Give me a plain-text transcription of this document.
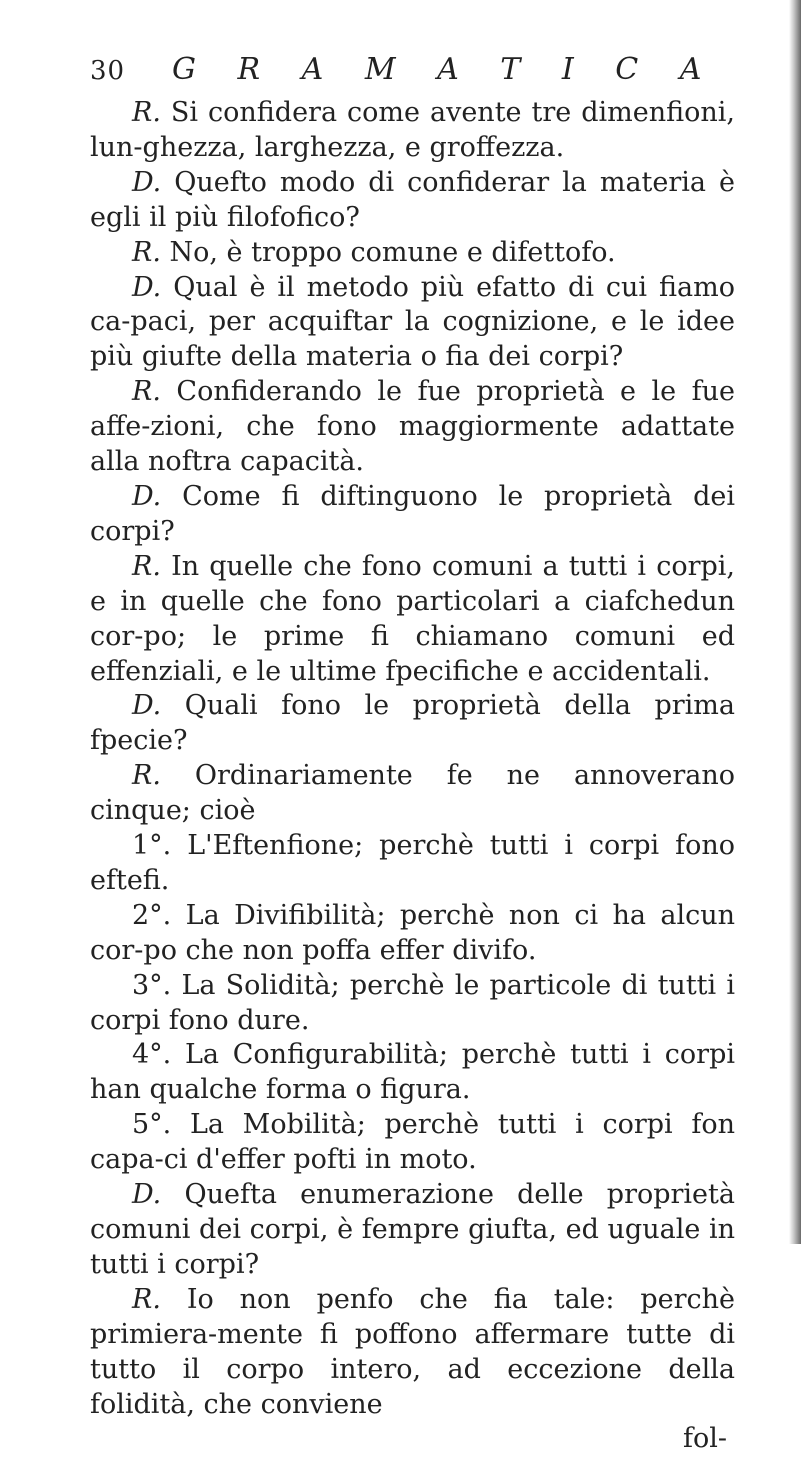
30	G R A M A T I C A

R. Si confidera come avente tre dimenfioni, lun-ghezza, larghezza, e groffezza.

D. Quefto modo di confiderar la materia è egli il più filofofico?

R. No, è troppo comune e difettofo.

D. Qual è il metodo più efatto di cui fiamo ca-paci, per acquiftar la cognizione, e le idee più giufte della materia o fia dei corpi?

R. Confiderando le fue proprietà e le fue affe-zioni, che fono maggiormente adattate alla noftra capacità.

D. Come fi diftinguono le proprietà dei corpi?

R. In quelle che fono comuni a tutti i corpi, e in quelle che fono particolari a ciafchedun cor-po; le prime fi chiamano comuni ed effenziali, e le ultime fpecifiche e accidentali.

D. Quali fono le proprietà della prima fpecie?

R. Ordinariamente fe ne annoverano cinque; cioè

1°. L'Eftenfione; perchè tutti i corpi fono eftefi.

2°. La Divifibilità; perchè non ci ha alcun cor-po che non poffa effer divifo.

3°. La Solidità; perchè le particole di tutti i corpi fono dure.

4°. La Configurabilità; perchè tutti i corpi han qualche forma o figura.

5°. La Mobilità; perchè tutti i corpi fon capa-ci d'effer pofti in moto.

D. Quefta enumerazione delle proprietà comuni dei corpi, è fempre giufta, ed uguale in tutti i corpi?

R. Io non penfo che fia tale: perchè primiera-mente fi poffono affermare tutte di tutto il corpo intero, ad eccezione della folidità, che conviene

fol-
